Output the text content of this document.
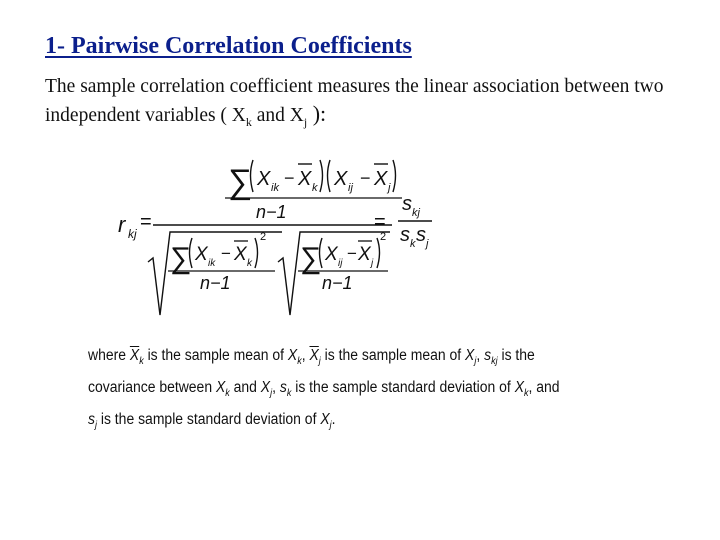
1- Pairwise Correlation Coefficients
The sample correlation coefficient measures the linear association between two independent variables ( $X_k$ and $X_j$ ):
r kj
=
∑ X ik − X k X ij − X j
n−1
∑ X ik
− X k
2
n−1
∑ X ij
− X j
2
n−1
=
s kj
s k s j
where $\overline{X}_k$ is the sample mean of $X_k$, $\overline{X}_j$ is the sample mean of $X_j$, $s_{kj}$ is the
covariance between $X_k$ and $X_j$, $s_k$ is the sample standard deviation of $X_k$, and
$s_j$ is the sample standard deviation of $X_j$.
